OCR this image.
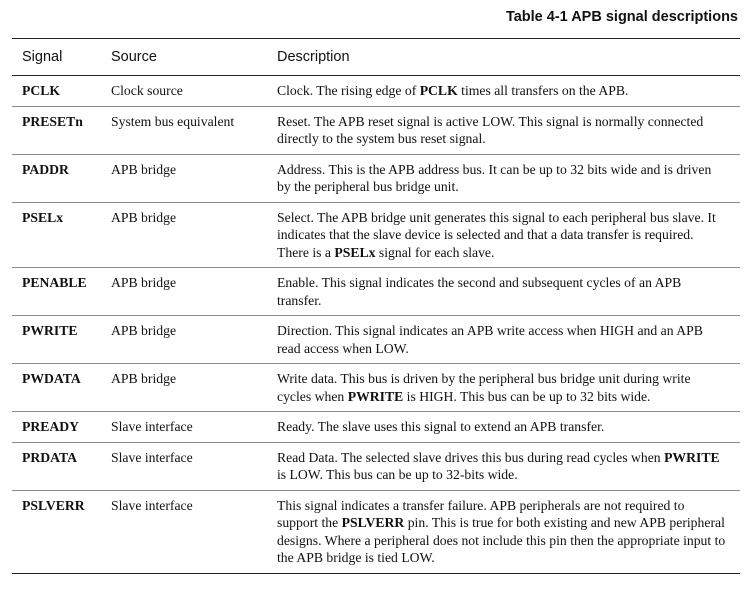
Table 4-1 APB signal descriptions
Signal	Source	Description
PCLK	Clock source	Clock. The rising edge of PCLK times all transfers on the APB.
PRESETn	System bus equivalent	Reset. The APB reset signal is active LOW. This signal is normally connected directly to the system bus reset signal.
PADDR	APB bridge	Address. This is the APB address bus. It can be up to 32 bits wide and is driven by the peripheral bus bridge unit.
PSELx	APB bridge	Select. The APB bridge unit generates this signal to each peripheral bus slave. It indicates that the slave device is selected and that a data transfer is required. There is a PSELx signal for each slave.
PENABLE	APB bridge	Enable. This signal indicates the second and subsequent cycles of an APB transfer.
PWRITE	APB bridge	Direction. This signal indicates an APB write access when HIGH and an APB read access when LOW.
PWDATA	APB bridge	Write data. This bus is driven by the peripheral bus bridge unit during write cycles when PWRITE is HIGH. This bus can be up to 32 bits wide.
PREADY	Slave interface	Ready. The slave uses this signal to extend an APB transfer.
PRDATA	Slave interface	Read Data. The selected slave drives this bus during read cycles when PWRITE is LOW. This bus can be up to 32-bits wide.
PSLVERR	Slave interface	This signal indicates a transfer failure. APB peripherals are not required to support the PSLVERR pin. This is true for both existing and new APB peripheral designs. Where a peripheral does not include this pin then the appropriate input to the APB bridge is tied LOW.
